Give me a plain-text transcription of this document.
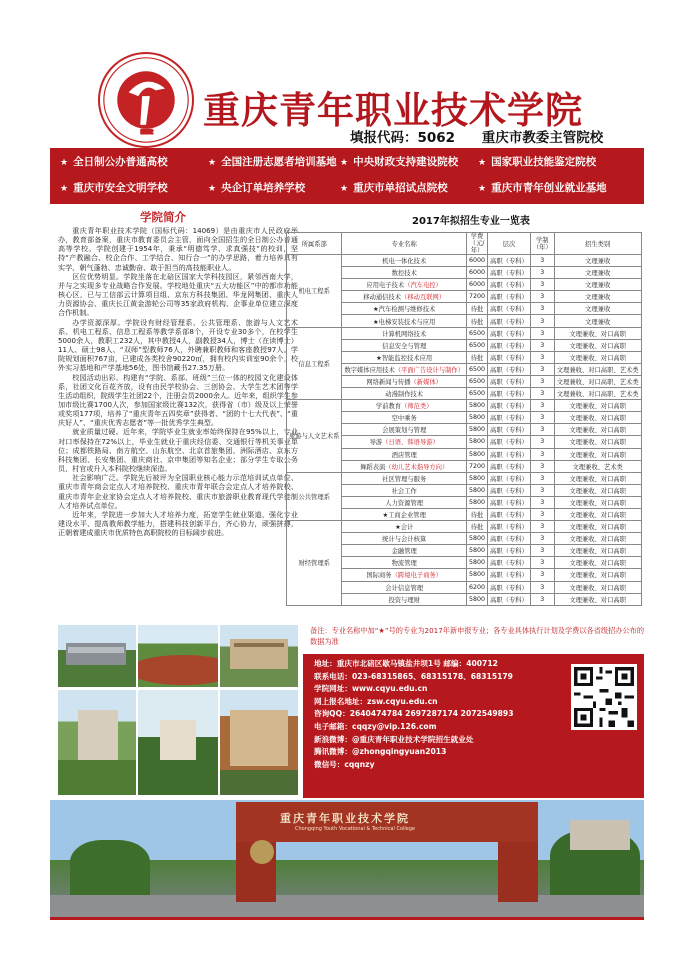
1954 重庆青年职业技术学院
填报代码：5062 重庆市教委主管院校
★ 全日制公办普通高校	★ 全国注册志愿者培训基地 ★ 中央财政支持建设院校 ★ 国家职业技能鉴定院校
★ 重庆市安全文明学校	★ 央企订单培养学校	★ 重庆市单招试点院校	★ 重庆市青年创业就业基地
学院简介

重庆青年职业技术学院（国标代码：14069）是由重庆市人民政府举办，教育部备案，重庆市教育委员会主管，面向全国招生的全日制公办普通高等学校。学院创建于1954年，秉承“明德笃学、求真强技”的校训，坚持“产教融合、校企合作、工学结合、知行合一”的办学思路，着力培养具有实学、朝气蓬勃、忠诚勤奋、敢于担当的高技能职业人。

区位优势明显。学院坐落在北碚区国家大学科技园区，紧邻西南大学，并与之实现多专业战略合作发展。学校地处重庆“五大功能区”中的都市功能核心区，已与工信部云计算项目组、京东方科技集团、华龙网集团、重庆人力资源协会、重庆长江黄金游轮公司等35家政府机构、企事业单位建立深度合作机制。

办学资源深厚。学院设有财经管理系、公共管理系、旅游与人文艺术系、机电工程系、信息工程系等教学系部8个，开设专业30多个，在校学生5000余人，教职工232人，其中教授4人，副教授34人，博士（在读博士）11人、硕士98人、“双师”型教师76人，外聘兼职教师和客座教授97人。学院规划面积767亩，已建成各类校舍90220㎡，拥有校内实训室90余个，校外实习基地和产学基地56处，图书馆藏书27.35万册。

校园活动出彩。构建有“学院、系部、班级”三位一体的校园文化建设体系，社团文化百花齐放，设有由民学校协会、三创协会、大学生艺术团等学生活动组织，院级学生社团22个，注册会员2000余人。近年来，组织学生参加市级比赛1700人次，参加国家级比赛132次，获得省（市）级及以上荣誉或奖项177项，培养了“重庆青年五四奖章”获得者、“团的十七大代表”、“重庆好人”、“重庆优秀志愿者”等一批优秀学生典型。

就业质量过硬。近年来，学院毕业生就业率始终保持在95%以上，专业对口率保持在72%以上，毕业生就业于重庆经信委、交通银行等机关事业单位；成都铁路局、南方航空、山东航空、北京首旅集团、洲际酒店、京东方科技集团、长安集团、重庆商社、京申集团等知名企业；部分学生专取公务员、村官或升入本科院校继续深造。

社会影响广泛。学院先后被评为全国职业核心能力示范培训试点单位、重庆市青年商会定点人才培养院校、重庆市青年联合会定点人才培养院校、重庆市青年企业家协会定点人才培养院校、重庆市旅游职业教育现代学徒制人才培养试点单位。

近年来，学院进一步加大人才培养力度，拓宽学生就业渠道、强化专业建设水平、提高教师教学能力，搭建科技创新平台，齐心协力，顽强拼搏，正朝着建成重庆市优质特色高职院校的目标阔步前进。

2017年拟招生专业一览表
所属系部	专业名称	学费（元/年）	层次	学制（年）	招生类别
机电工程系	机电一体化技术	6000	高职（专科）	3	文理兼收
	数控技术	6000	高职（专科）	3	文理兼收
	应用电子技术（汽车电控）	6000	高职（专科）	3	文理兼收
	移动通信技术（移动互联网）	7200	高职（专科）	3	文理兼收
	★汽车检测与维修技术	待批	高职（专科）	3	文理兼收
	★电梯安装技术与应用	待批	高职（专科）	3	文理兼收
信息工程系	计算机网络技术	6500	高职（专科）	3	文理兼收、对口高职
	信息安全与管理	6500	高职（专科）	3	文理兼收、对口高职
	★智能监控技术应用	待批	高职（专科）	3	文理兼收、对口高职
	数字媒体应用技术（平面广告设计与制作）	6500	高职（专科）	3	文理兼收、对口高职、艺术类
	网络新闻与传播（新媒体）	6500	高职（专科）	3	文理兼收、对口高职、艺术类
	动漫制作技术	6500	高职（专科）	3	文理兼收、对口高职、艺术类
旅游与人文艺术系	学前教育（师范类）	5800	高职（专科）	3	文理兼收、对口高职
	空中乘务	5800	高职（专科）	3	文理兼收、对口高职
	会展策划与管理	5800	高职（专科）	3	文理兼收、对口高职
	导游（日语、韩语导游）	5800	高职（专科）	3	文理兼收、对口高职
	酒店管理	5800	高职（专科）	3	文理兼收、对口高职
	舞蹈表演（幼儿艺术指导方向）	7200	高职（专科）	3	文理兼收、艺术类
公共管理系	社区管理与服务	5800	高职（专科）	3	文理兼收、对口高职
	社会工作	5800	高职（专科）	3	文理兼收、对口高职
	人力资源管理	5800	高职（专科）	3	文理兼收、对口高职
	★工商企业管理	待批	高职（专科）	3	文理兼收、对口高职
财经管理系	★会计	待批	高职（专科）	3	文理兼收、对口高职
	统计与会计核算	5800	高职（专科）	3	文理兼收、对口高职
	金融管理	5800	高职（专科）	3	文理兼收、对口高职
	物流管理	5800	高职（专科）	3	文理兼收、对口高职
	国际商务（跨境电子商务）	5800	高职（专科）	3	文理兼收、对口高职
	会计信息管理	6200	高职（专科）	3	文理兼收、对口高职
	投资与理财	5800	高职（专科）	3	文理兼收、对口高职
备注：专业名称中加“★”号的专业为2017年新申报专业；各专业具体执行计划及学费以各省级招办公布的数据为准
地址：重庆市北碚区歇马镇盐井坝1号 邮编：400712
联系电话：023-68315865、68315178、68315179
学院网址：www.cqyu.edu.cn
网上报名地址：zsw.cqyu.edu.cn
咨询QQ：2640474784 2697287174 2072549893
电子邮箱：cqqzy@vip.126.com
新浪微博：@重庆青年职业技术学院招生就业处
腾讯微博：@zhongqingyuan2013
微信号：cqqnzy
重庆青年职业技术学院
Chongqing Youth Vocational & Technical College
